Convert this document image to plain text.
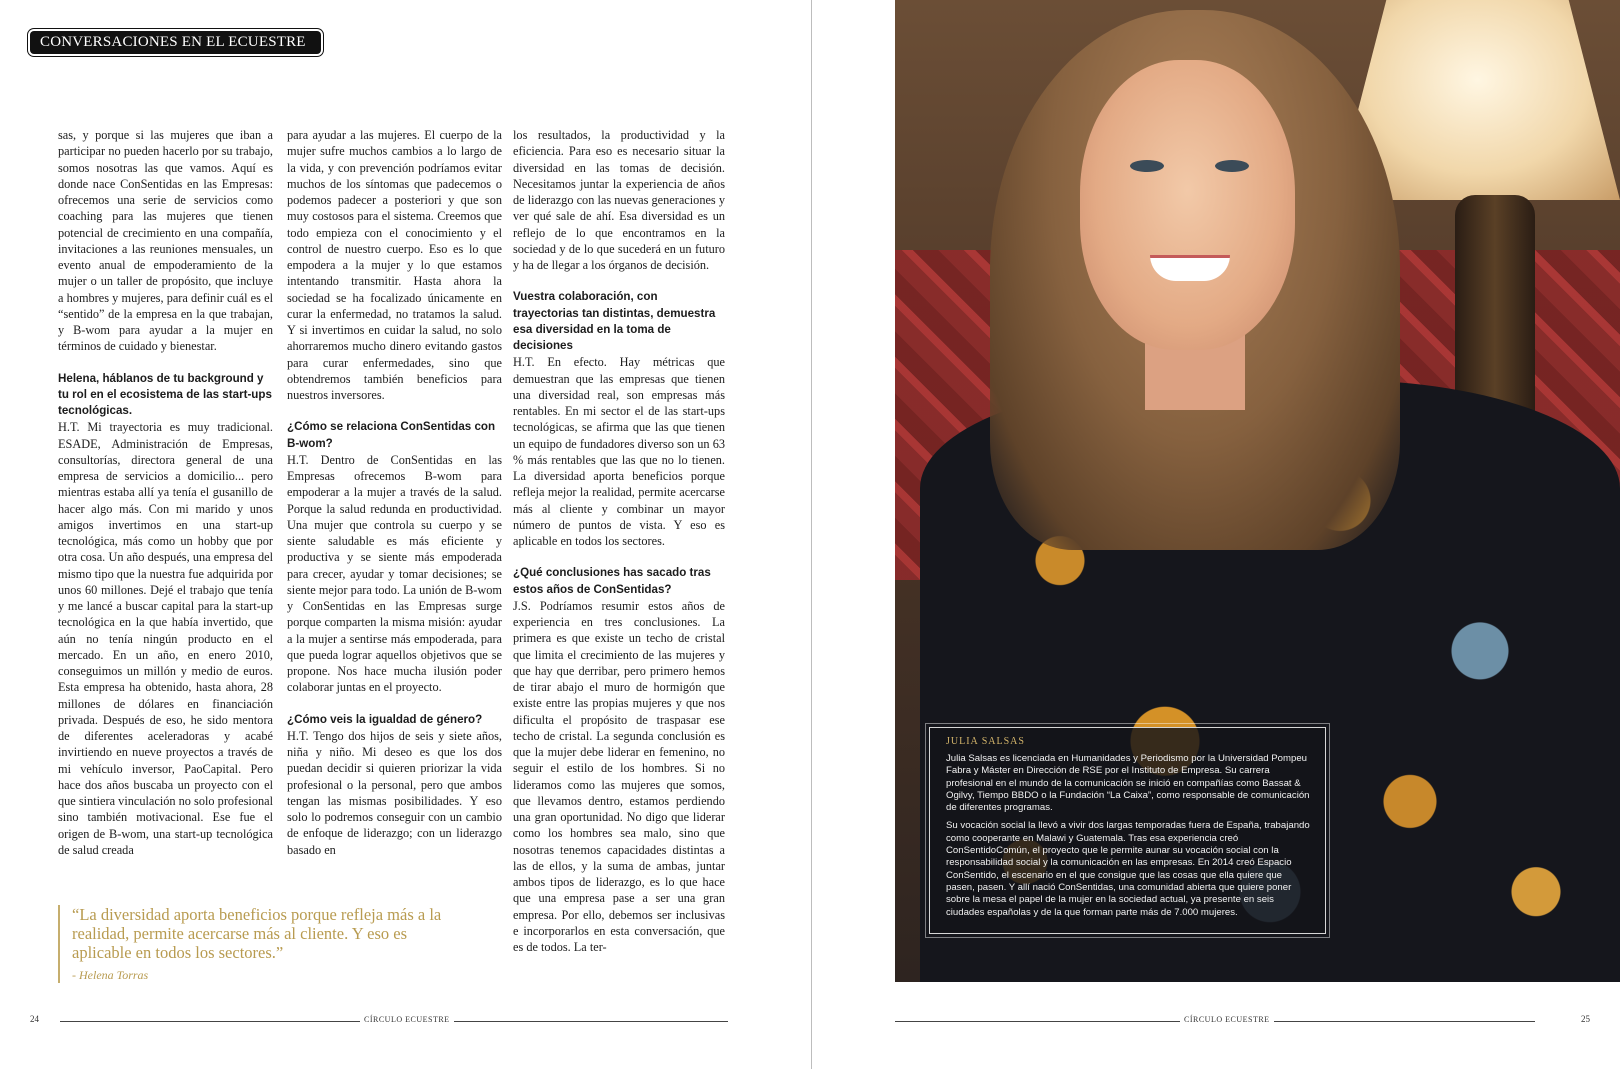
CONVERSACIONES EN EL ECUESTRE

sas, y porque si las mujeres que iban a participar no pueden hacerlo por su trabajo, somos nosotras las que vamos. Aquí es donde nace ConSentidas en las Empresas: ofrecemos una serie de servicios como coaching para las mujeres que tienen potencial de crecimiento en una compañía, invitaciones a las reuniones mensuales, un evento anual de empoderamiento de la mujer o un taller de propósito, que incluye a hombres y mujeres, para definir cuál es el “sentido” de la empresa en la que trabajan, y B-wom para ayudar a la mujer en términos de cuidado y bienestar.

Helena, háblanos de tu background y tu rol en el ecosistema de las start-ups tecnológicas.

H.T. Mi trayectoria es muy tradicional. ESADE, Administración de Empresas, consultorías, directora general de una empresa de servicios a domicilio... pero mientras estaba allí ya tenía el gusanillo de hacer algo más. Con mi marido y unos amigos invertimos en una start-up tecnológica, más como un hobby que por otra cosa. Un año después, una empresa del mismo tipo que la nuestra fue adquirida por unos 60 millones. Dejé el trabajo que tenía y me lancé a buscar capital para la start-up tecnológica en la que había invertido, que aún no tenía ningún producto en el mercado. En un año, en enero 2010, conseguimos un millón y medio de euros. Esta empresa ha obtenido, hasta ahora, 28 millones de dólares en financiación privada. Después de eso, he sido mentora de diferentes aceleradoras y acabé invirtiendo en nueve proyectos a través de mi vehículo inversor, PaoCapital. Pero hace dos años buscaba un proyecto con el que sintiera vinculación no solo profesional sino también motivacional. Ese fue el origen de B-wom, una start-up tecnológica de salud creada

para ayudar a las mujeres. El cuerpo de la mujer sufre muchos cambios a lo largo de la vida, y con prevención podríamos evitar muchos de los síntomas que padecemos o podemos padecer a posteriori y que son muy costosos para el sistema. Creemos que todo empieza con el conocimiento y el control de nuestro cuerpo. Eso es lo que empodera a la mujer y lo que estamos intentando transmitir. Hasta ahora la sociedad se ha focalizado únicamente en curar la enfermedad, no tratamos la salud. Y si invertimos en cuidar la salud, no solo ahorraremos mucho dinero evitando gastos para curar enfermedades, sino que obtendremos también beneficios para nuestros inversores.

¿Cómo se relaciona ConSentidas con B-wom?

H.T. Dentro de ConSentidas en las Empresas ofrecemos B-wom para empoderar a la mujer a través de la salud. Porque la salud redunda en productividad. Una mujer que controla su cuerpo y se siente saludable es más eficiente y productiva y se siente más empoderada para crecer, ayudar y tomar decisiones; se siente mejor para todo. La unión de B-wom y ConSentidas en las Empresas surge porque comparten la misma misión: ayudar a la mujer a sentirse más empoderada, para que pueda lograr aquellos objetivos que se propone. Nos hace mucha ilusión poder colaborar juntas en el proyecto.

¿Cómo veis la igualdad de género?

H.T. Tengo dos hijos de seis y siete años, niña y niño. Mi deseo es que los dos puedan decidir si quieren priorizar la vida profesional o la personal, pero que ambos tengan las mismas posibilidades. Y eso solo lo podremos conseguir con un cambio de enfoque de liderazgo; con un liderazgo basado en

los resultados, la productividad y la eficiencia. Para eso es necesario situar la diversidad en las tomas de decisión. Necesitamos juntar la experiencia de años de liderazgo con las nuevas generaciones y ver qué sale de ahí. Esa diversidad es un reflejo de lo que encontramos en la sociedad y de lo que sucederá en un futuro y ha de llegar a los órganos de decisión.

Vuestra colaboración, con trayectorias tan distintas, demuestra esa diversidad en la toma de decisiones

H.T. En efecto. Hay métricas que demuestran que las empresas que tienen una diversidad real, son empresas más rentables. En mi sector el de las start-ups tecnológicas, se afirma que las que tienen un equipo de fundadores diverso son un 63 % más rentables que las que no lo tienen. La diversidad aporta beneficios porque refleja mejor la realidad, permite acercarse más al cliente y combinar un mayor número de puntos de vista. Y eso es aplicable en todos los sectores.

¿Qué conclusiones has sacado tras estos años de ConSentidas?

J.S. Podríamos resumir estos años de experiencia en tres conclusiones. La primera es que existe un techo de cristal que limita el crecimiento de las mujeres y que hay que derribar, pero primero hemos de tirar abajo el muro de hormigón que existe entre las propias mujeres y que nos dificulta el propósito de traspasar ese techo de cristal. La segunda conclusión es que la mujer debe liderar en femenino, no seguir el estilo de los hombres. Si no lideramos como las mujeres que somos, que llevamos dentro, estamos perdiendo una gran oportunidad. No digo que liderar como los hombres sea malo, sino que nosotras tenemos capacidades distintas a las de ellos, y la suma de ambas, juntar ambos tipos de liderazgo, es lo que hace que una empresa pase a ser una gran empresa. Por ello, debemos ser inclusivas e incorporarlos en esta conversación, que es de todos. La ter-

“La diversidad aporta beneficios porque refleja más a la realidad, permite acercarse más al cliente. Y eso es aplicable en todos los sectores.”
- Helena Torras
CÍRCULO ECUESTRE
24
JULIA SALSAS

Julia Salsas es licenciada en Humanidades y Periodismo por la Universidad Pompeu Fabra y Máster en Dirección de RSE por el Instituto de Empresa. Su carrera profesional en el mundo de la comunicación se inició en compañías como Bassat & Ogilvy, Tiempo BBDO o la Fundación “La Caixa”, como responsable de comunicación de diferentes programas.

Su vocación social la llevó a vivir dos largas temporadas fuera de España, trabajando como cooperante en Malawi y Guatemala. Tras esa experiencia creó ConSentidoComún, el proyecto que le permite aunar su vocación social con la responsabilidad social y la comunicación en las empresas. En 2014 creó Espacio ConSentido, el escenario en el que consigue que las cosas que ella quiere que pasen, pasen. Y allí nació ConSentidas, una comunidad abierta que quiere poner sobre la mesa el papel de la mujer en la sociedad actual, ya presente en seis ciudades españolas y de la que forman parte más de 7.000 mujeres.

CÍRCULO ECUESTRE	25
